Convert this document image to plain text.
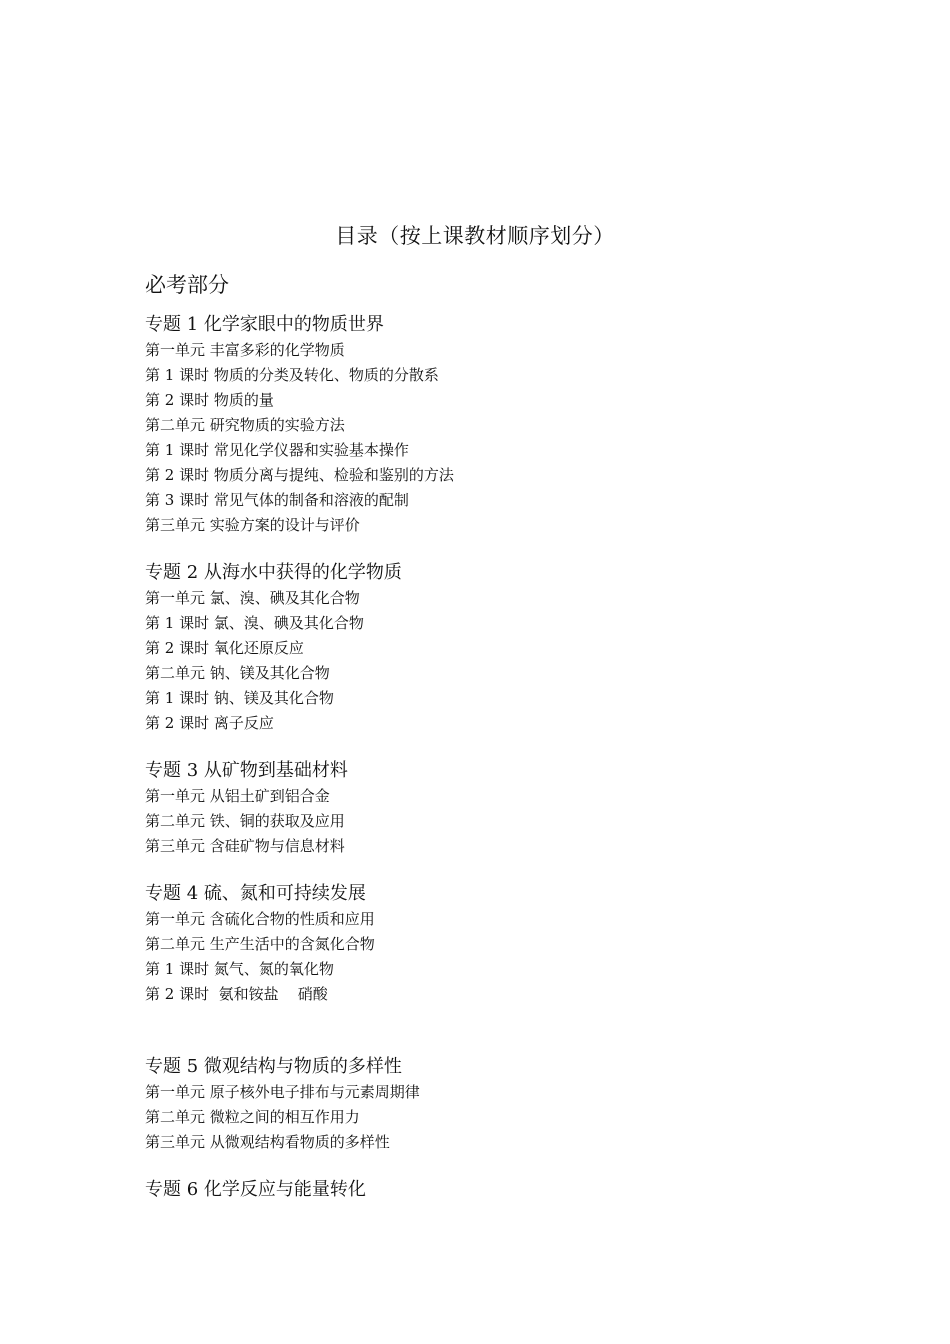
目录（按上课教材顺序划分）
必考部分
专题 1 化学家眼中的物质世界
第一单元 丰富多彩的化学物质
第 1 课时 物质的分类及转化、物质的分散系
第 2 课时 物质的量
第二单元 研究物质的实验方法
第 1 课时 常见化学仪器和实验基本操作
第 2 课时 物质分离与提纯、检验和鉴别的方法
第 3 课时 常见气体的制备和溶液的配制
第三单元 实验方案的设计与评价
专题 2 从海水中获得的化学物质
第一单元 氯、溴、碘及其化合物
第 1 课时 氯、溴、碘及其化合物
第 2 课时 氧化还原反应
第二单元 钠、镁及其化合物
第 1 课时 钠、镁及其化合物
第 2 课时 离子反应
专题 3 从矿物到基础材料
第一单元 从铝土矿到铝合金
第二单元 铁、铜的获取及应用
第三单元 含硅矿物与信息材料
专题 4 硫、氮和可持续发展
第一单元 含硫化合物的性质和应用
第二单元 生产生活中的含氮化合物
第 1 课时 氮气、氮的氧化物
第 2 课时  氨和铵盐    硝酸
专题 5 微观结构与物质的多样性
第一单元 原子核外电子排布与元素周期律
第二单元 微粒之间的相互作用力
第三单元 从微观结构看物质的多样性
专题 6 化学反应与能量转化
